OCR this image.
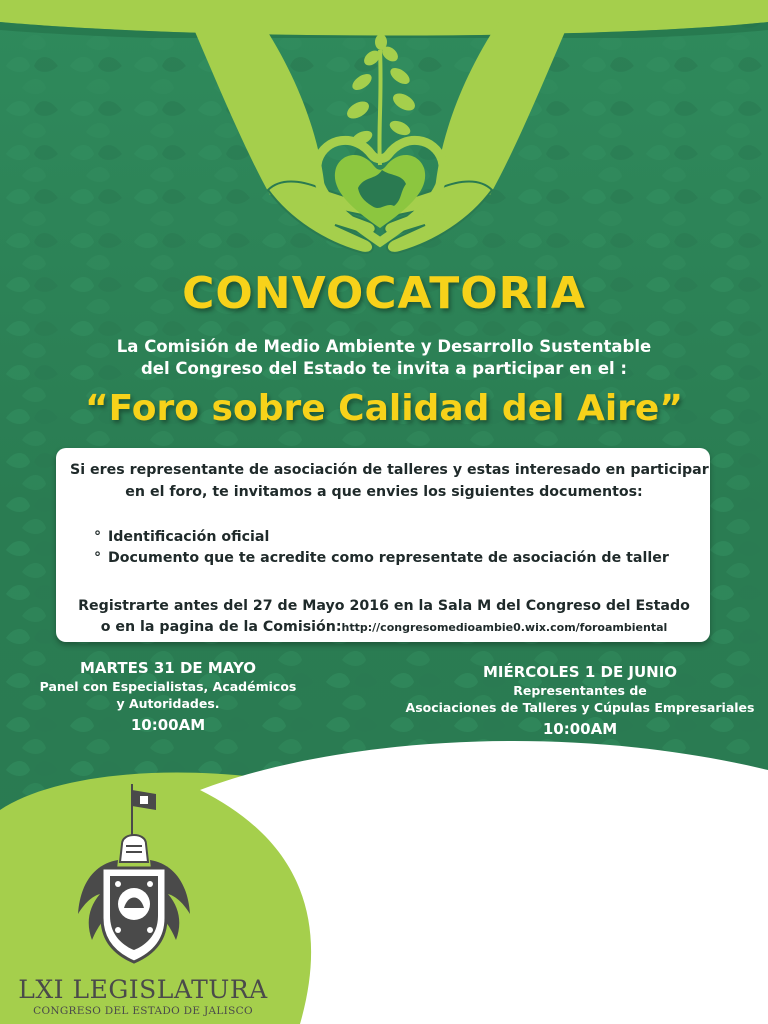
CONVOCATORIA
La Comisión de Medio Ambiente y Desarrollo Sustentable
del Congreso del Estado te invita a participar en el :
“Foro sobre Calidad del Aire”
Si eres representante de asociación de talleres y estas interesado en participar
en el foro, te invitamos a que envies los siguientes documentos:
° Identificación oficial
° Documento que te acredite como representate de asociación de taller
Registrarte antes del 27 de Mayo 2016 en la Sala M del Congreso del Estado
o en la pagina de la Comisión:http://congresomedioambie0.wix.com/foroambiental
MARTES 31 DE MAYO
Panel con Especialistas, Académicos
y Autoridades.
10:00AM
MIÉRCOLES 1 DE JUNIO
Representantes de
Asociaciones de Talleres y Cúpulas Empresariales
10:00AM
LXI LEGISLATURA
CONGRESO DEL ESTADO DE JALISCO
